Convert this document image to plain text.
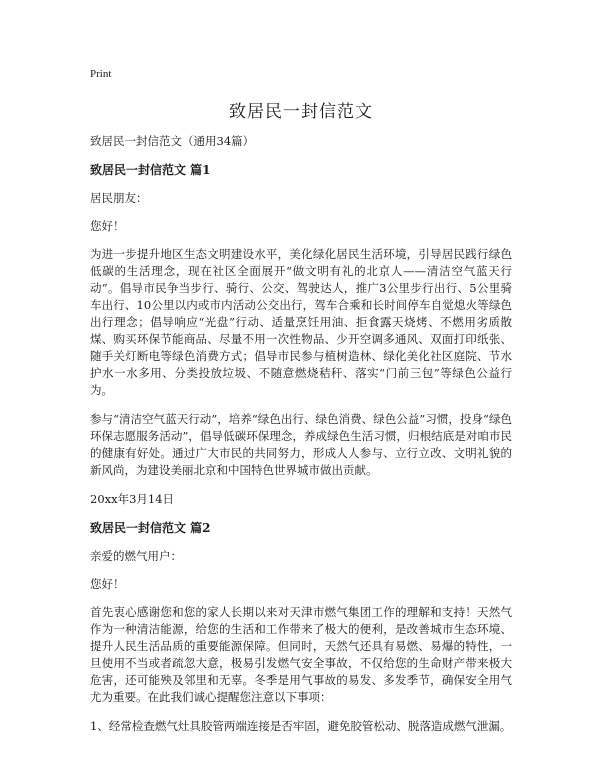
Print
致居民一封信范文

致居民一封信范文（通用34篇）

致居民一封信范文 篇1

居民朋友：

您好！

为进一步提升地区生态文明建设水平，美化绿化居民生活环境，引导居民践行绿色低碳的生活理念，现在社区全面展开“做文明有礼的北京人——清洁空气蓝天行动”。倡导市民争当步行、骑行、公交、驾驶达人，推广3公里步行出行、5公里骑车出行、10公里以内或市内活动公交出行，驾车合乘和长时间停车自觉熄火等绿色出行理念；倡导响应“光盘”行动、适量烹饪用油、拒食露天烧烤、不燃用劣质散煤、购买环保节能商品、尽量不用一次性物品、少开空调多通风、双面打印纸张、随手关灯断电等绿色消费方式；倡导市民参与植树造林、绿化美化社区庭院、节水护水一水多用、分类投放垃圾、不随意燃烧秸秆、落实“门前三包”等绿色公益行为。

参与“清洁空气蓝天行动”，培养“绿色出行、绿色消费、绿色公益”习惯，投身“绿色环保志愿服务活动”，倡导低碳环保理念，养成绿色生活习惯，归根结底是对咱市民的健康有好处。通过广大市民的共同努力，形成人人参与、立行立改、文明礼貌的新风尚，为建设美丽北京和中国特色世界城市做出贡献。

20xx年3月14日

致居民一封信范文 篇2

亲爱的燃气用户：

您好！

首先衷心感谢您和您的家人长期以来对天津市燃气集团工作的理解和支持！天然气作为一种清洁能源，给您的生活和工作带来了极大的便利，是改善城市生态环境、提升人民生活品质的重要能源保障。但同时，天然气还具有易燃、易爆的特性，一旦使用不当或者疏忽大意，极易引发燃气安全事故，不仅给您的生命财产带来极大危害，还可能殃及邻里和无辜。冬季是用气事故的易发、多发季节，确保安全用气尤为重要。在此我们诚心提醒您注意以下事项：

1、经常检查燃气灶具胶管两端连接是否牢固，避免胶管松动、脱落造成燃气泄漏。
